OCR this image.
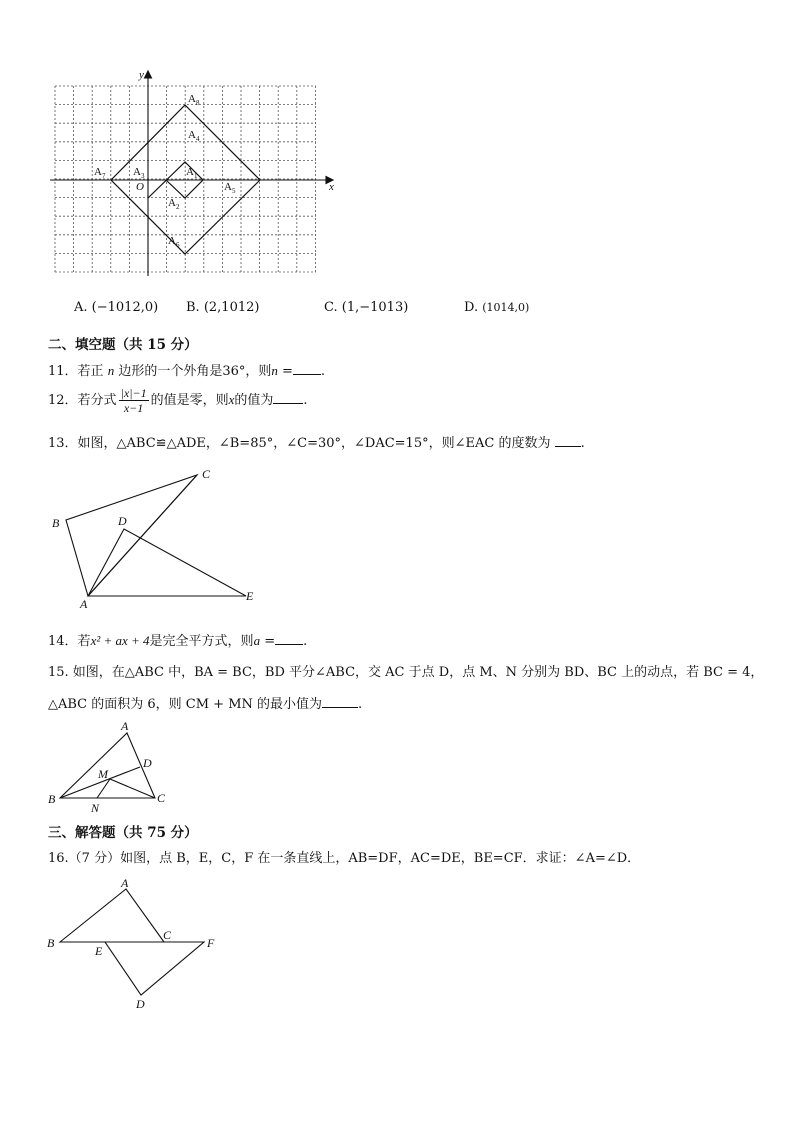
x
y
O
$A_8$
$A_4$
$A_1$
$A_3$
$A_7$
$A_5$
$A_2$
$A_6$
A. (−1012,0) B. (2,1012)	C. (1,−1013)	D. (1014,0)
二、填空题（共 15 分）
11．若正 n 边形的一个外角是36°，则n = .
12．若分式 $\frac{|x|-1}{x-1}$ 的值是零，则x的值为 .
13．如图，△ABC≌△ADE，∠B=85°，∠C=30°，∠DAC=15°，则∠EAC 的度数为 .
A
B
C
D
E
14．若x² + ax + 4是完全平方式，则a = .
15. 如图，在△ABC 中，BA = BC，BD 平分∠ABC，交 AC 于点 D，点 M、N 分别为 BD、BC 上的动点，若 BC = 4，
△ABC 的面积为 6，则 CM + MN 的最小值为	.
A
B	C
D
M
N
三、解答题（共 75 分）
16.（7 分）如图，点 B，E，C，F 在一条直线上，AB=DF，AC=DE，BE=CF．求证：∠A=∠D．
A
B
C
D
E
F
